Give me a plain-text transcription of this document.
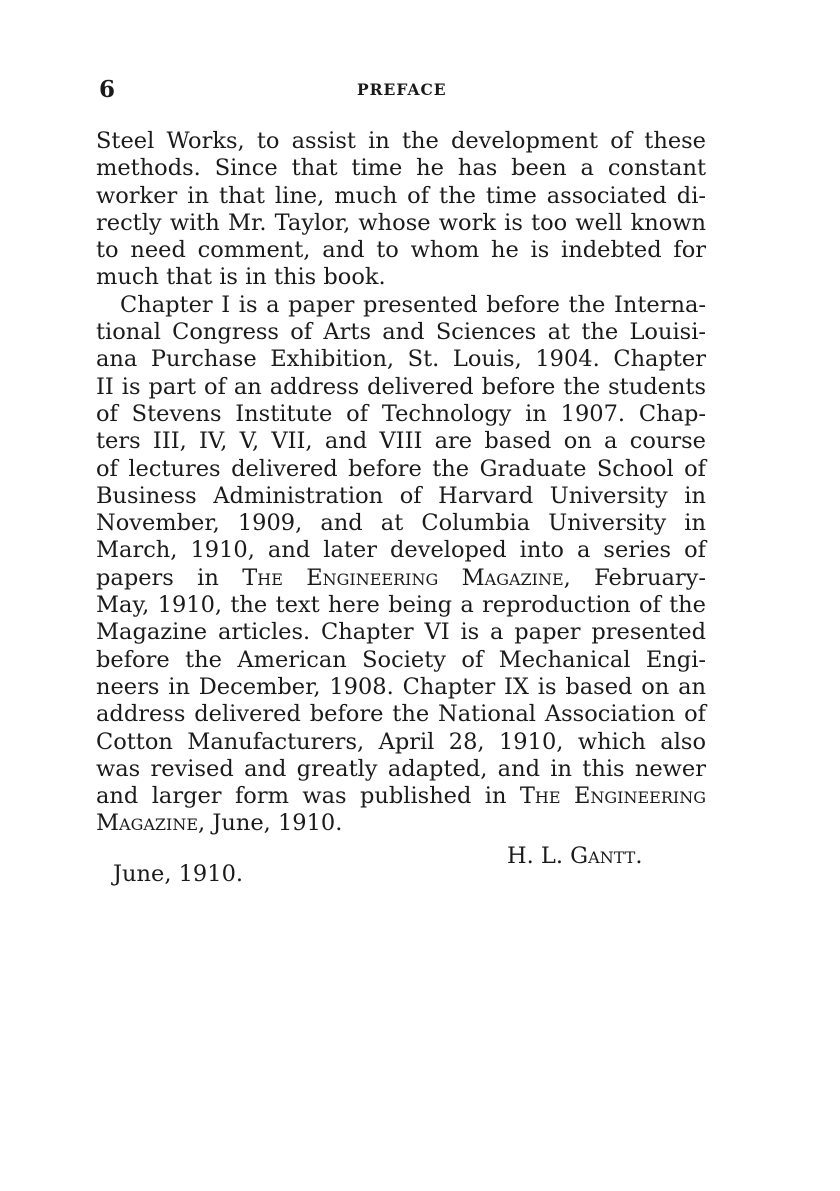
6	PREFACE
Steel Works, to assist in the development of these
methods. Since that time he has been a constant
worker in that line, much of the time associated di-
rectly with Mr. Taylor, whose work is too well known
to need comment, and to whom he is indebted for
much that is in this book.
Chapter I is a paper presented before the Interna-
tional Congress of Arts and Sciences at the Louisi-
ana Purchase Exhibition, St. Louis, 1904. Chapter
II is part of an address delivered before the students
of Stevens Institute of Technology in 1907. Chap-
ters III, IV, V, VII, and VIII are based on a course
of lectures delivered before the Graduate School of
Business Administration of Harvard University in
November, 1909, and at Columbia University in
March, 1910, and later developed into a series of
papers in The Engineering Magazine, February-
May, 1910, the text here being a reproduction of the
Magazine articles. Chapter VI is a paper presented
before the American Society of Mechanical Engi-
neers in December, 1908. Chapter IX is based on an
address delivered before the National Association of
Cotton Manufacturers, April 28, 1910, which also
was revised and greatly adapted, and in this newer
and larger form was published in The Engineering
Magazine, June, 1910.
H. L. Gantt.
June, 1910.
